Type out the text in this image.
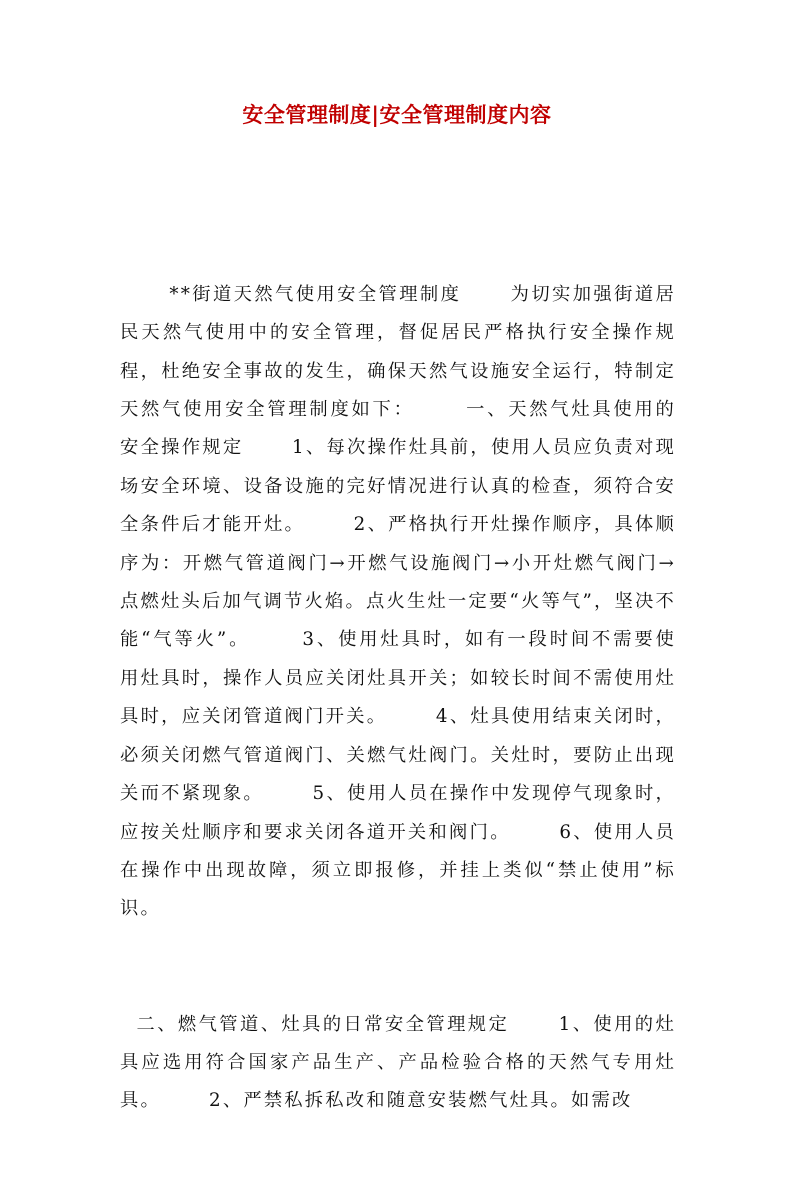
安全管理制度|安全管理制度内容

**街道天然气使用安全管理制度      为切实加强街道居民天然气使用中的安全管理，督促居民严格执行安全操作规程，杜绝安全事故的发生，确保天然气设施安全运行，特制定天然气使用安全管理制度如下：      一、天然气灶具使用的安全操作规定      1、每次操作灶具前，使用人员应负责对现场安全环境、设备设施的完好情况进行认真的检查，须符合安全条件后才能开灶。      2、严格执行开灶操作顺序，具体顺序为：开燃气管道阀门→开燃气设施阀门→小开灶燃气阀门→点燃灶头后加气调节火焰。点火生灶一定要“火等气”，坚决不能“气等火”。      3、使用灶具时，如有一段时间不需要使用灶具时，操作人员应关闭灶具开关；如较长时间不需使用灶具时，应关闭管道阀门开关。      4、灶具使用结束关闭时，必须关闭燃气管道阀门、关燃气灶阀门。关灶时，要防止出现关而不紧现象。      5、使用人员在操作中发现停气现象时，应按关灶顺序和要求关闭各道开关和阀门。      6、使用人员在操作中出现故障，须立即报修，并挂上类似“禁止使用”标识。

二、燃气管道、灶具的日常安全管理规定      1、使用的灶具应选用符合国家产品生产、产品检验合格的天然气专用灶具。      2、严禁私拆私改和随意安装燃气灶具。如需改
